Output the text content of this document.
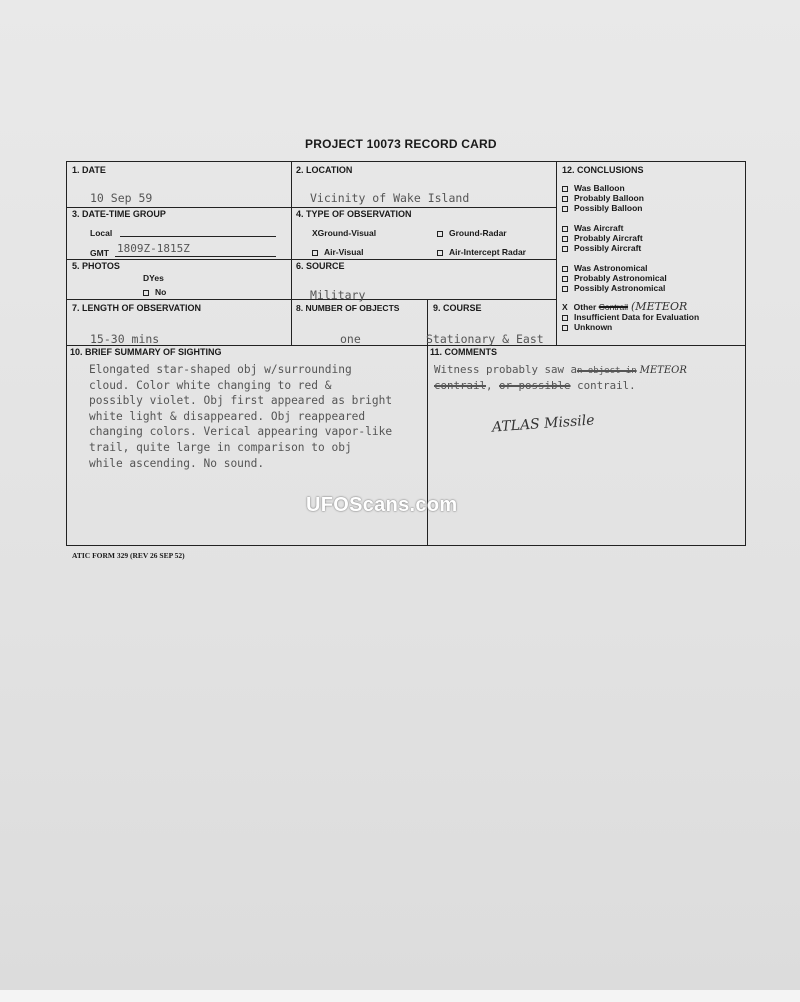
PROJECT 10073 RECORD CARD
1. DATE
10 Sep 59
2. LOCATION
Vicinity of Wake Island
3. DATE-TIME GROUP
Local
GMT 1809Z-1815Z
4. TYPE OF OBSERVATION
XGround-Visual	Ground-Radar
Air-Visual	Air-Intercept Radar
5. PHOTOS
DYes
No
6. SOURCE
Military
7. LENGTH OF OBSERVATION
15-30 mins
8. NUMBER OF OBJECTS
one
9. COURSE
Stationary & East
10. BRIEF SUMMARY OF SIGHTING
Elongated star-shaped obj w/surrounding
cloud. Color white changing to red &
possibly violet. Obj first appeared as bright
white light & disappeared. Obj reappeared
changing colors. Verical appearing vapor-like
trail, quite large in comparison to obj
while ascending. No sound.
11. COMMENTS
Witness probably saw an object in METEOR
contrail, or possible contrail.
ATLAS Missile
12. CONCLUSIONS
Was Balloon
Probably Balloon
Possibly Balloon
Was Aircraft
Probably Aircraft
Possibly Aircraft
Was Astronomical
Probably Astronomical
Possibly Astronomical
X Other Contrail (METEOR
Insufficient Data for Evaluation
Unknown
UFOScans.com
ATIC FORM 329 (REV 26 SEP 52)
